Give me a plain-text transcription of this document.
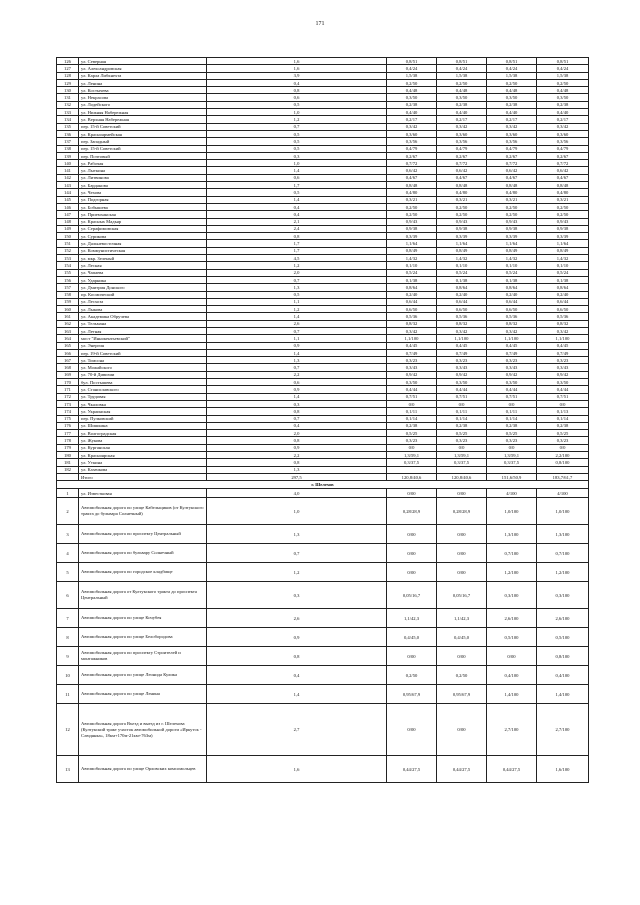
171
126	ул. Северная	1,6	0,8/51	0,8/51	0,8/51	0,8/51
127	ул. Александровская	1,6	0,4/24	0,4/24	0,4/24	0,4/24
128	ул. Карла Либкнехта	3,9	1,5/38	1,5/38	1,5/38	1,5/38
129	ул. Ленина	0,4	0,2/50	0,2/50	0,2/50	0,2/50
130	ул. Костычева	0,8	0,4/48	0,4/48	0,4/48	0,4/48
131	ул. Некрасова	0,6	0,3/50	0,3/50	0,3/50	0,3/50
132	ул. Лодейского	0,5	0,2/38	0,2/38	0,2/38	0,2/38
133	ул. Нижняя Набережная	1,0	0,4/40	0,4/40	0,4/40	0,4/40
134	ул. Верхняя Набережная	1,2	0,2/17	0,2/17	0,2/17	0,2/17
135	пер. 15-й Советский	0,7	0,3/42	0,3/42	0,3/42	0,3/42
136	ул. Красноармейская	0,5	0,3/60	0,3/60	0,3/60	0,3/60
137	пер. Западный	0,5	0,3/56	0,3/56	0,3/56	0,3/56
138	пер. 15-й Советский	0,5	0,4/79	0,4/79	0,4/79	0,4/79
139	пер. Почтовый	0,3	0,2/67	0,2/67	0,2/67	0,2/67
140	ул. Рабочая	1,0	0,7/72	0,7/72	0,7/72	0,7/72
141	ул. Лыткина	1,4	0,6/42	0,6/42	0,6/42	0,6/42
142	ул. Литвинова	0,6	0,4/67	0,4/67	0,4/67	0,4/67
143	ул. Барданова	1,7	0,8/48	0,8/48	0,8/48	0,8/48
144	ул. Чехова	0,5	0,4/80	0,4/80	0,4/80	0,4/80
145	ул. Подгорная	1,4	0,3/21	0,3/21	0,3/21	0,3/21
146	ул. Бобышева	0,4	0,2/50	0,2/50	0,2/50	0,2/50
147	ул. Приемханская	0,4	0,2/50	0,2/50	0,2/50	0,2/50
148	ул. Красных Мадьяр	2,1	0,9/43	0,9/43	0,9/43	0,9/43
149	ул. Серафимовская	2,4	0,9/38	0,9/38	0,9/38	0,9/38
150	ул. Суриковa	0,8	0,3/39	0,3/39	0,3/39	0,3/39
151	ул. Дальневосточная	1,7	1,1/64	1,1/64	1,1/64	1,1/64
152	ул. Коммунистическая	1,7	0,8/49	0,8/49	0,8/49	0,8/49
153	ул. мкр. Зеленый	4,5	1,4/32	1,4/32	1,4/32	1,4/32
154	ул. Лесная	1,2	0,1/10	0,1/10	0,1/10	0,1/10
155	ул. Чапаева	2,0	0,5/24	0,5/24	0,5/24	0,5/24
156	ул. Ударника	0,7	0,1/38	0,1/38	0,1/38	0,1/38
157	ул. Дмитрия Донского	1,3	0,8/64	0,8/64	0,8/64	0,8/64
158	пр. Космический	0,5	0,2/40	0,2/40	0,2/40	0,2/40
159	ул. Лесхоза	1,1	0,6/44	0,6/44	0,6/44	0,6/44
160	ул. Лыкова	1,2	0,6/50	0,6/50	0,6/50	0,6/50
161	ул. Академика Обручева	1,4	0,5/36	0,5/36	0,5/36	0,5/36
162	ул. Тельмана	2,6	0,8/32	0,8/32	0,8/32	0,8/32
163	ул. Летная	0,7	0,3/42	0,3/42	0,3/42	0,3/42
164	мост "Иннокентьевский"	1,1	1,1/100	1,1/100	1,1/100	1,1/100
165	ул. Энергия	0,9	0,4/45	0,4/45	0,4/45	0,4/45
166	пер. 19-й Советский	1,4	0,7/49	0,7/49	0,7/49	0,7/49
167	ул. Томсона	1,3	0,3/23	0,3/23	0,3/23	0,3/23
168	ул. Можайского	0,7	0,3/43	0,3/43	0,3/43	0,3/43
169	ул. 70-й Дивизии	2,2	0,9/42	0,9/42	0,9/42	0,9/42
170	бул. Постышева	0,6	0,3/50	0,3/50	0,3/50	0,3/50
171	ул. Станиславского	0,9	0,4/44	0,4/44	0,4/44	0,4/44
172	ул. Трудовая	1,4	0,7/51	0,7/51	0,7/51	0,7/51
173	ул. Чкаловка	0,3	0/0	0/0	0/0	0/0
174	ул. Украинская	0,8	0,1/11	0,1/11	0,1/11	0,1/13
175	пер. Пулковский	0,7	0,1/14	0,1/14	0,1/14	0,1/14
176	ул. Шишкина	0,4	0,2/38	0,2/38	0,2/38	0,2/38
177	ул. Волгоградская	2,0	0,5/25	0,5/25	0,5/25	0,5/25
178	ул. Жукова	0,8	0,3/23	0,3/23	0,3/23	0,3/23
179	ул. Курганская	0,9	0/0	0/0	0/0	0/0
180	ул. Красноярская	2,2	1,3/59,1	1,3/59,1	1,3/59,1	2,2/100
181	ул. Уткина	0,8	0,3/37,5	0,3/37,5	0,3/37,5	0,8/100
182	ул. Казачкова	1,3				
	Итого	297,5	120,8/40,6	120,8/40,6	151,6/50,9	183,7/61,7
г. Шелехов						
1	ул. Известковая	4,0	0/00	0/00	4/100	4/100
2	Автомобильная дорога по улице Кабельщиков (от Култукского тракта до бульвара Солнечный)	1,0	0,28/28,9	0,28/28,9	1,0/100	1,0/100
3	Автомобильная дорога по проспекту Центральный	1,3	0/00	0/00	1,3/100	1,3/100
4	Автомобильная дорога по бульвару Солнечный	0,7	0/00	0/00	0,7/100	0,7/100
5	Автомобильная дорога по городское кладбище	1,2	0/00	0/00	1,2/100	1,2/100
6	Автомобильная дорога от Култукского тракта до проспекта Центральный	0,3	0,05/16,7	0,05/16,7	0,3/100	0,3/100
7	Автомобильная дорога по улице Кочубея	2,6	1,1/42,3	1,1/42,3	2,6/100	2,6/100
8	Автомобильная дорога по улице Белобородова	0,9	0,4/45,0	0,4/45,0	0,5/100	0,5/100
9	Автомобильная дорога по проспекту Строителей и монтажников	0,8	0/00	0/00	0/00	0,8/100
10	Автомобильная дорога по улице Леонида Кулика	0,4	0,2/50	0,2/50	0,4/100	0,4/100
11	Автомобильная дорога по улице Ленина	1,4	0,95/67,9	0,95/67,9	1,4/100	1,4/100
12	Автомобильная дорога Въезд и выезд из г. Шелехова (Култукский тракт участок автомобильной дороги «Иркутск - Слюдянка», 18км+170м-21км+763м)	2,7	0/00	0/00	2,7/100	2,7/100
13	Автомобильная дорога по улице Орловских комсомольцев	1,6	0,44/27,5	0,44/27,5	0,44/27,5	1,6/100
